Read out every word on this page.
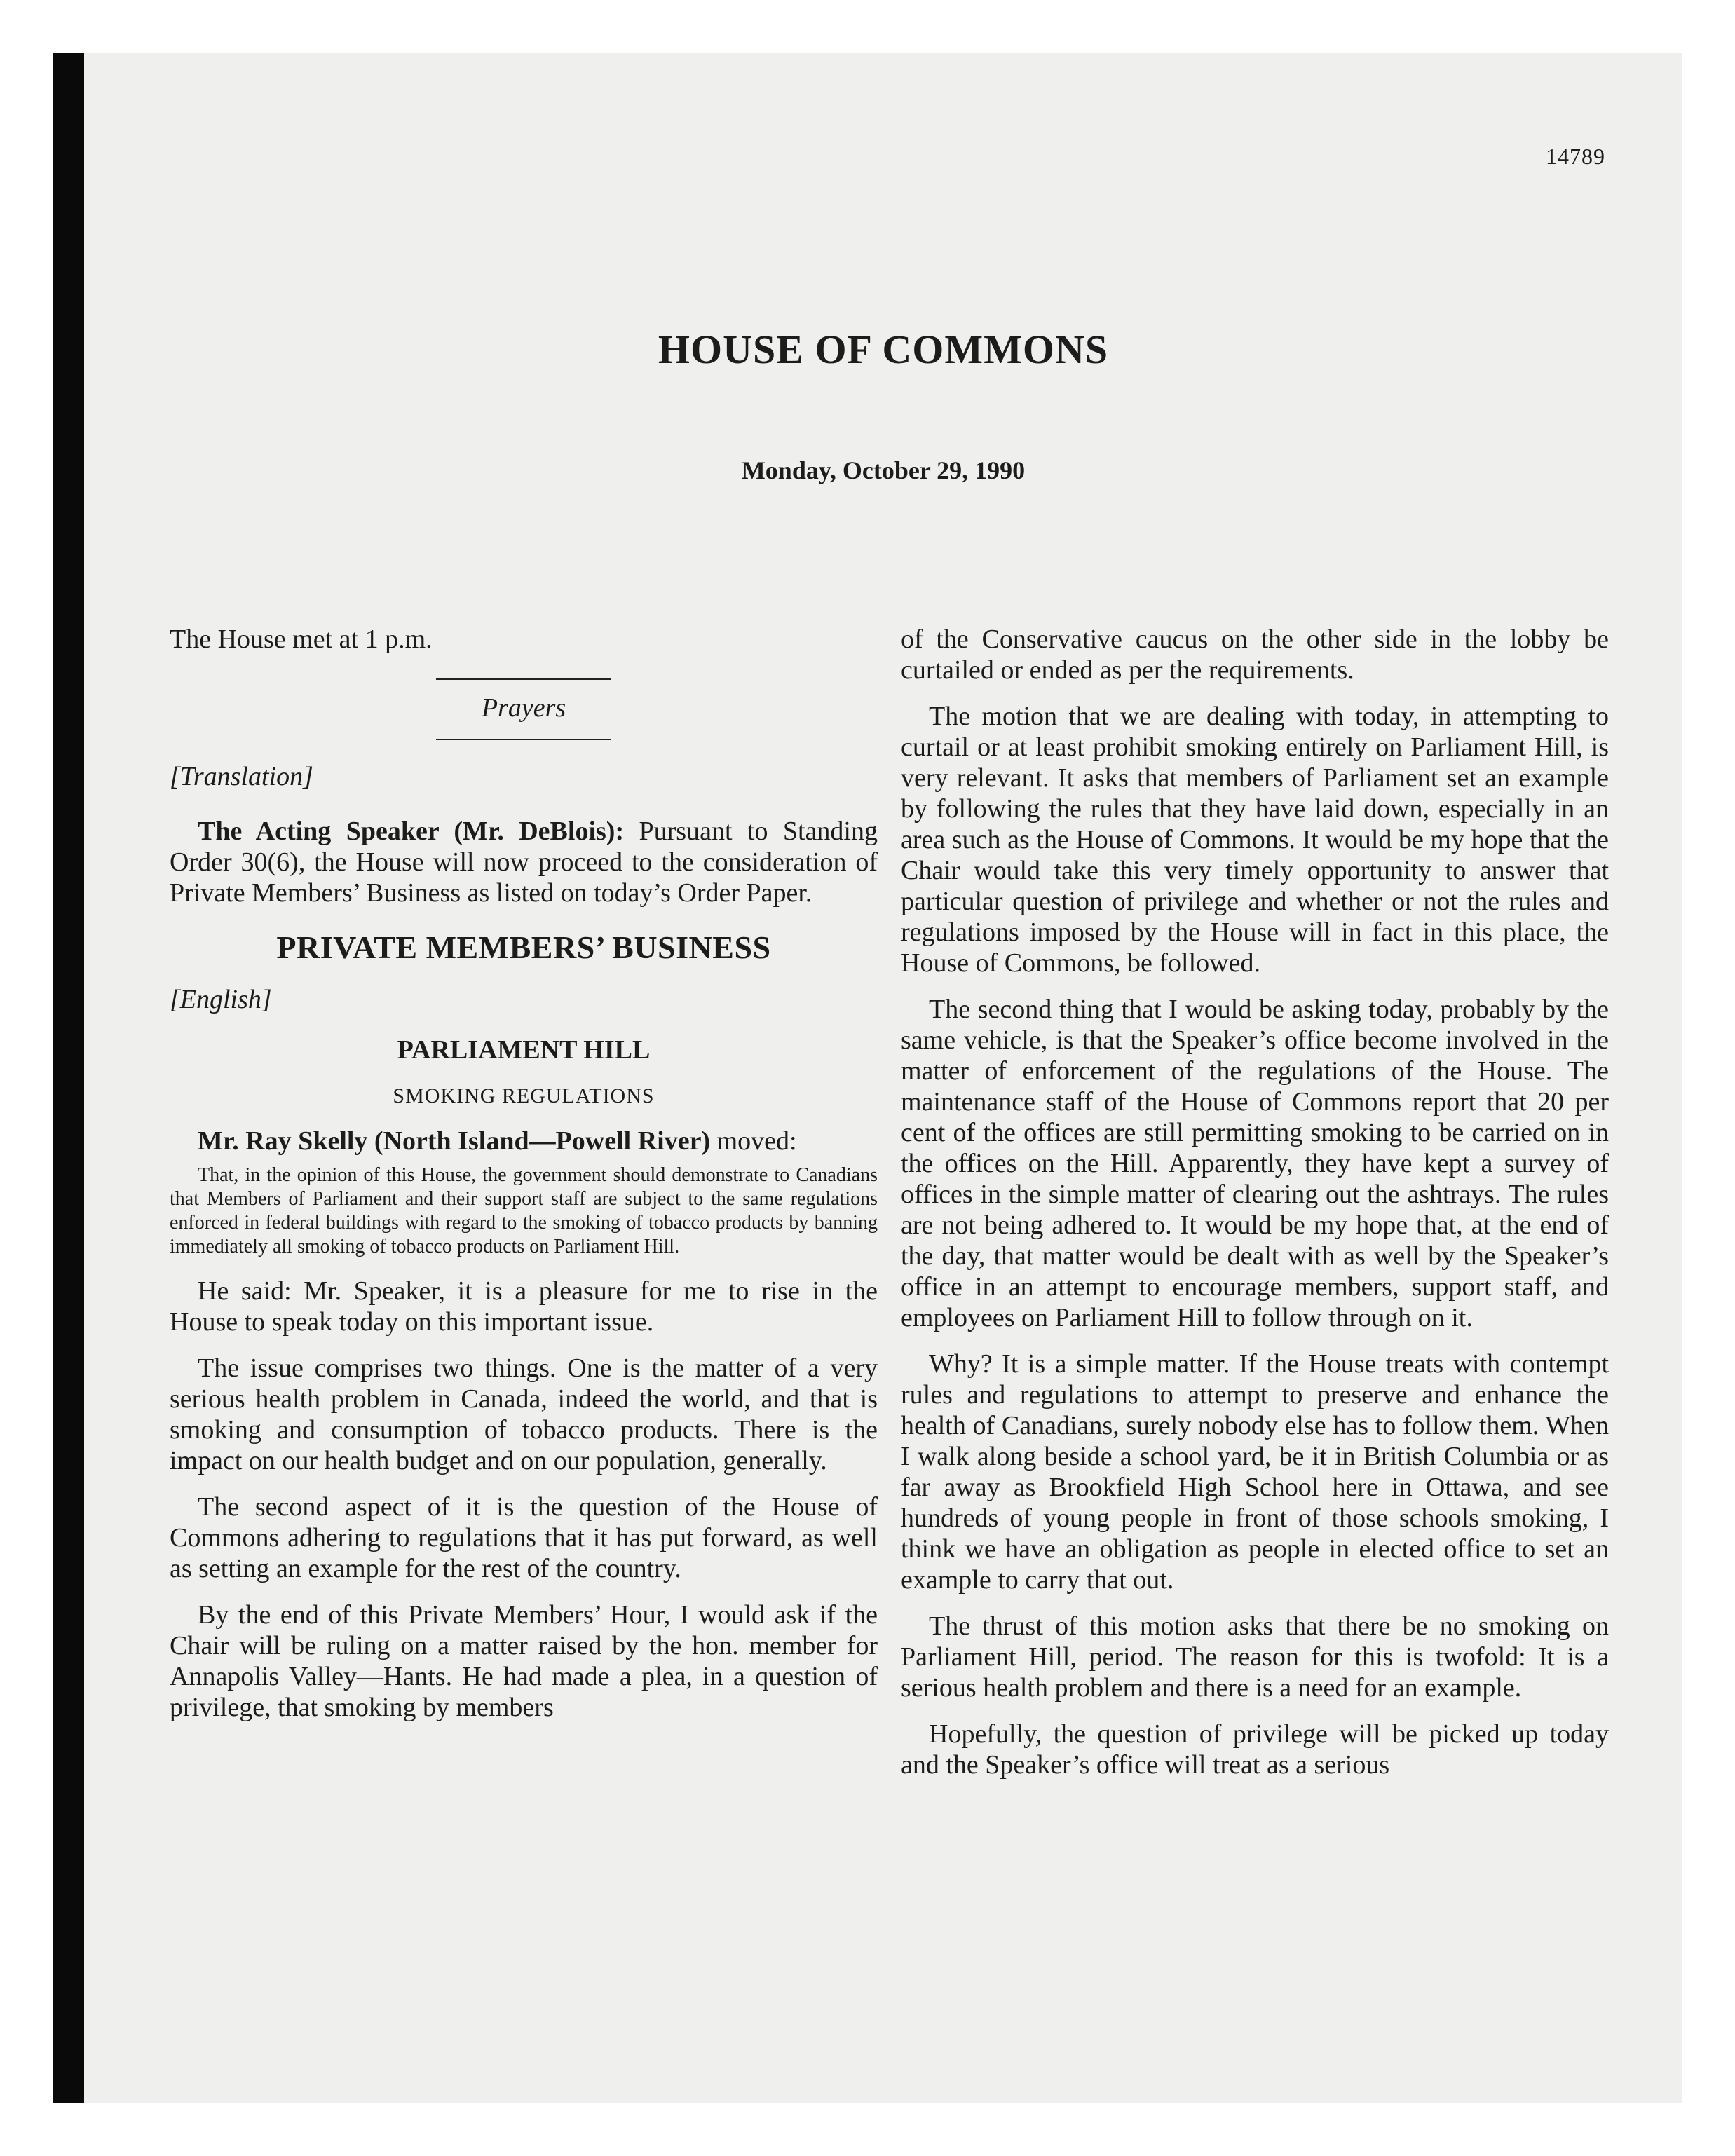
14789
HOUSE OF COMMONS
Monday, October 29, 1990

The House met at 1 p.m.

Prayers

[Translation]

The Acting Speaker (Mr. DeBlois): Pursuant to Standing Order 30(6), the House will now proceed to the consideration of Private Members’ Business as listed on today’s Order Paper.

PRIVATE MEMBERS’ BUSINESS

[English]

PARLIAMENT HILL
SMOKING REGULATIONS

Mr. Ray Skelly (North Island—Powell River) moved:

That, in the opinion of this House, the government should demonstrate to Canadians that Members of Parliament and their support staff are subject to the same regulations enforced in federal buildings with regard to the smoking of tobacco products by banning immediately all smoking of tobacco products on Parliament Hill.

He said: Mr. Speaker, it is a pleasure for me to rise in the House to speak today on this important issue.

The issue comprises two things. One is the matter of a very serious health problem in Canada, indeed the world, and that is smoking and consumption of tobacco products. There is the impact on our health budget and on our population, generally.

The second aspect of it is the question of the House of Commons adhering to regulations that it has put forward, as well as setting an example for the rest of the country.

By the end of this Private Members’ Hour, I would ask if the Chair will be ruling on a matter raised by the hon. member for Annapolis Valley—Hants. He had made a plea, in a question of privilege, that smoking by members

of the Conservative caucus on the other side in the lobby be curtailed or ended as per the requirements.

The motion that we are dealing with today, in attempting to curtail or at least prohibit smoking entirely on Parliament Hill, is very relevant. It asks that members of Parliament set an example by following the rules that they have laid down, especially in an area such as the House of Commons. It would be my hope that the Chair would take this very timely opportunity to answer that particular question of privilege and whether or not the rules and regulations imposed by the House will in fact in this place, the House of Commons, be followed.

The second thing that I would be asking today, probably by the same vehicle, is that the Speaker’s office become involved in the matter of enforcement of the regulations of the House. The maintenance staff of the House of Commons report that 20 per cent of the offices are still permitting smoking to be carried on in the offices on the Hill. Apparently, they have kept a survey of offices in the simple matter of clearing out the ashtrays. The rules are not being adhered to. It would be my hope that, at the end of the day, that matter would be dealt with as well by the Speaker’s office in an attempt to encourage members, support staff, and employees on Parliament Hill to follow through on it.

Why? It is a simple matter. If the House treats with contempt rules and regulations to attempt to preserve and enhance the health of Canadians, surely nobody else has to follow them. When I walk along beside a school yard, be it in British Columbia or as far away as Brookfield High School here in Ottawa, and see hundreds of young people in front of those schools smoking, I think we have an obligation as people in elected office to set an example to carry that out.

The thrust of this motion asks that there be no smoking on Parliament Hill, period. The reason for this is twofold: It is a serious health problem and there is a need for an example.

Hopefully, the question of privilege will be picked up today and the Speaker’s office will treat as a serious
